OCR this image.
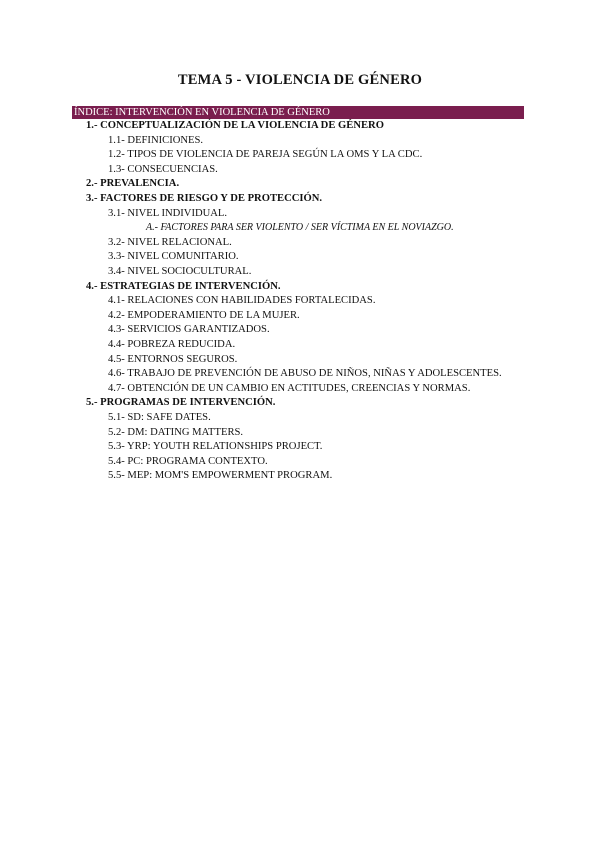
TEMA 5 - VIOLENCIA DE GÉNERO
ÍNDICE: INTERVENCIÓN EN VIOLENCIA DE GÉNERO
1.- CONCEPTUALIZACIÓN DE LA VIOLENCIA DE GÉNERO
1.1- DEFINICIONES.
1.2- TIPOS DE VIOLENCIA DE PAREJA SEGÚN LA OMS Y LA CDC.
1.3- CONSECUENCIAS.
2.- PREVALENCIA.
3.- FACTORES DE RIESGO Y DE PROTECCIÓN.
3.1- NIVEL INDIVIDUAL.
A.- FACTORES PARA SER VIOLENTO / SER VÍCTIMA EN EL NOVIAZGO.
3.2- NIVEL RELACIONAL.
3.3- NIVEL COMUNITARIO.
3.4- NIVEL SOCIOCULTURAL.
4.- ESTRATEGIAS DE INTERVENCIÓN.
4.1- RELACIONES CON HABILIDADES FORTALECIDAS.
4.2- EMPODERAMIENTO DE LA MUJER.
4.3- SERVICIOS GARANTIZADOS.
4.4- POBREZA REDUCIDA.
4.5- ENTORNOS SEGUROS.
4.6- TRABAJO DE PREVENCIÓN DE ABUSO DE NIÑOS, NIÑAS Y ADOLESCENTES.
4.7- OBTENCIÓN DE UN CAMBIO EN ACTITUDES, CREENCIAS Y NORMAS.
5.- PROGRAMAS DE INTERVENCIÓN.
5.1- SD: SAFE DATES.
5.2- DM: DATING MATTERS.
5.3- YRP: YOUTH RELATIONSHIPS PROJECT.
5.4- PC: PROGRAMA CONTEXTO.
5.5- MEP: MOM'S EMPOWERMENT PROGRAM.
